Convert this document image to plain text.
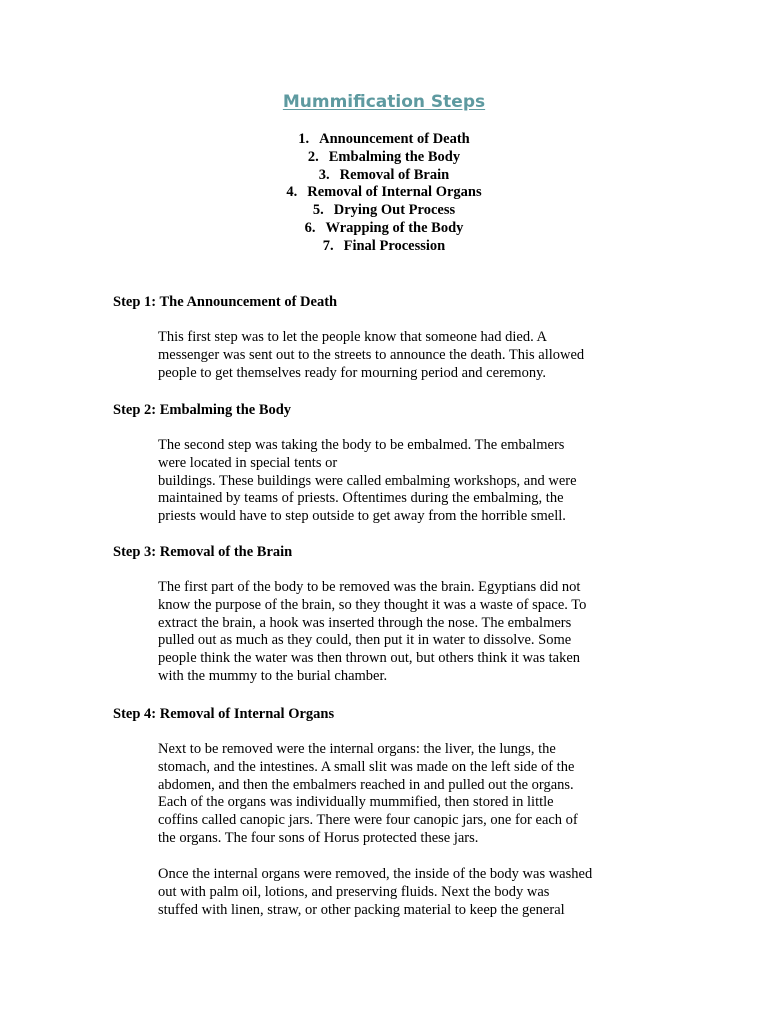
Mummification Steps
1. Announcement of Death
2. Embalming the Body
3. Removal of Brain
4. Removal of Internal Organs
5. Drying Out Process
6. Wrapping of the Body
7. Final Procession
Step 1: The Announcement of Death

This first step was to let the people know that someone had died. A
messenger was sent out to the streets to announce the death. This allowed
people to get themselves ready for mourning period and ceremony.

Step 2: Embalming the Body

The second step was taking the body to be embalmed. The embalmers
were located in special tents or
buildings. These buildings were called embalming workshops, and were
maintained by teams of priests. Oftentimes during the embalming, the
priests would have to step outside to get away from the horrible smell.

Step 3: Removal of the Brain

The first part of the body to be removed was the brain. Egyptians did not
know the purpose of the brain, so they thought it was a waste of space. To
extract the brain, a hook was inserted through the nose. The embalmers
pulled out as much as they could, then put it in water to dissolve. Some
people think the water was then thrown out, but others think it was taken
with the mummy to the burial chamber.

Step 4: Removal of Internal Organs

Next to be removed were the internal organs: the liver, the lungs, the
stomach, and the intestines. A small slit was made on the left side of the
abdomen, and then the embalmers reached in and pulled out the organs.
Each of the organs was individually mummified, then stored in little
coffins called canopic jars. There were four canopic jars, one for each of
the organs. The four sons of Horus protected these jars.

Once the internal organs were removed, the inside of the body was washed
out with palm oil, lotions, and preserving fluids. Next the body was
stuffed with linen, straw, or other packing material to keep the general
